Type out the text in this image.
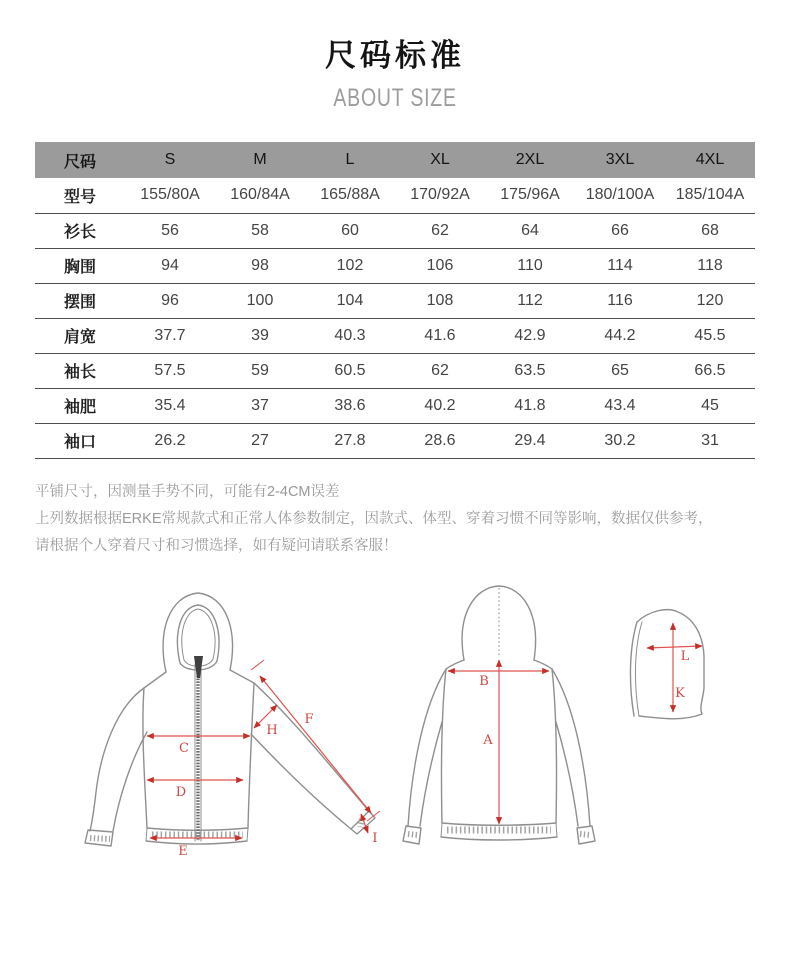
尺码标准
ABOUT SIZE
尺码	S	M	L	XL	2XL	3XL	4XL
型号	155/80A	160/84A	165/88A	170/92A	175/96A	180/100A	185/104A
衫长	56	58	60	62	64	66	68
胸围	94	98	102	106	110	114	118
摆围	96	100	104	108	112	116	120
肩宽	37.7	39	40.3	41.6	42.9	44.2	45.5
袖长	57.5	59	60.5	62	63.5	65	66.5
袖肥	35.4	37	38.6	40.2	41.8	43.4	45
袖口	26.2	27	27.8	28.6	29.4	30.2	31

平铺尺寸，因测量手势不同，可能有2-4CM误差

上列数据根据ERKE常规款式和正常人体参数制定，因款式、体型、穿着习惯不同等影响，数据仅供参考，

请根据个人穿着尺寸和习惯选择，如有疑问请联系客服！

A
B
C
D
E
F
H
I
K
L
